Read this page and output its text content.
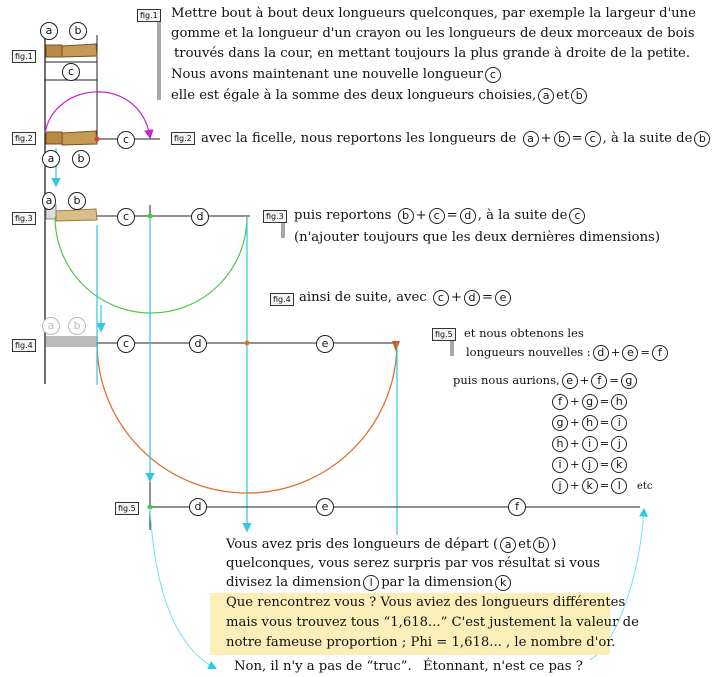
fig.1
fig.1
fig.2	fig.2
fig.3	fig.3
fig.4
fig.4
fig.5
fig.5
a	b
c
c
a	b
a	b
c	d
a	b
c	d	e
d	e	f
Mettre bout à bout deux longueurs quelconques, par exemple la largeur d'une
gomme et la longueur d'un crayon ou les longueurs de deux morceaux de bois
trouvés dans la cour, en mettant toujours la plus grande à droite de la petite.
Nous avons maintenant une nouvelle longueur c
elle est égale à la somme des deux longueurs choisies, a et b
avec la ficelle, nous reportons les longueurs de a + b = c , à la suite de b
puis reportons b + c = d , à la suite de c
(n'ajouter toujours que les deux dernières dimensions)
ainsi de suite, avec c + d = e
et nous obtenons les
longueurs nouvelles : d + e = f
puis nous aurions, e + f = g
f + g = h
g + h = i
h + i = j
i + j = k
j + k = l etc
Vous avez pris des longueurs de départ ( a et b )
quelconques, vous serez surpris par vos résultat si vous
divisez la dimension l par la dimension k
Que rencontrez vous ? Vous aviez des longueurs différentes
mais vous trouvez tous “1,618...” C'est justement la valeur de
notre fameuse proportion ; Phi = 1,618... , le nombre d'or.
Non, il n'y a pas de “truc”. Étonnant, n'est ce pas ?
